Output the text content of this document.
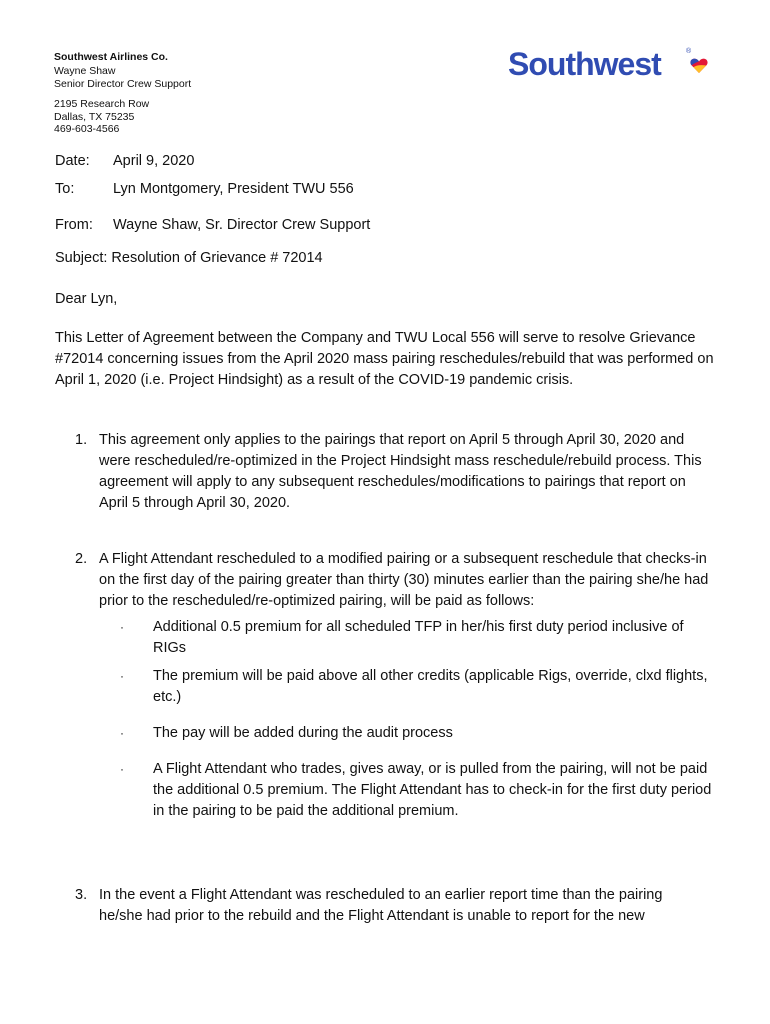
Southwest Airlines Co.
Wayne Shaw
Senior Director Crew Support
2195 Research Row
Dallas, TX 75235
469-603-4566
Southwest	®
Date: April 9, 2020
To:	Lyn Montgomery, President TWU 556
From: Wayne Shaw, Sr. Director Crew Support
Subject: Resolution of Grievance # 72014
Dear Lyn,
This Letter of Agreement between the Company and TWU Local 556 will serve to resolve Grievance #72014 concerning issues from the April 2020 mass pairing reschedules/rebuild that was performed on April 1, 2020 (i.e. Project Hindsight) as a result of the COVID-19 pandemic crisis.
1. This agreement only applies to the pairings that report on April 5 through April 30, 2020 and were rescheduled/re-optimized in the Project Hindsight mass reschedule/rebuild process. This agreement will apply to any subsequent reschedules/modifications to pairings that report on April 5 through April 30, 2020.
2. A Flight Attendant rescheduled to a modified pairing or a subsequent reschedule that checks-in on the first day of the pairing greater than thirty (30) minutes earlier than the pairing she/he had prior to the rescheduled/re-optimized pairing, will be paid as follows:
· Additional 0.5 premium for all scheduled TFP in her/his first duty period inclusive of RIGs
· The premium will be paid above all other credits (applicable Rigs, override, clxd flights, etc.)
· The pay will be added during the audit process
· A Flight Attendant who trades, gives away, or is pulled from the pairing, will not be paid the additional 0.5 premium. The Flight Attendant has to check-in for the first duty period in the pairing to be paid the additional premium.
3. In the event a Flight Attendant was rescheduled to an earlier report time than the pairing he/she had prior to the rebuild and the Flight Attendant is unable to report for the new
